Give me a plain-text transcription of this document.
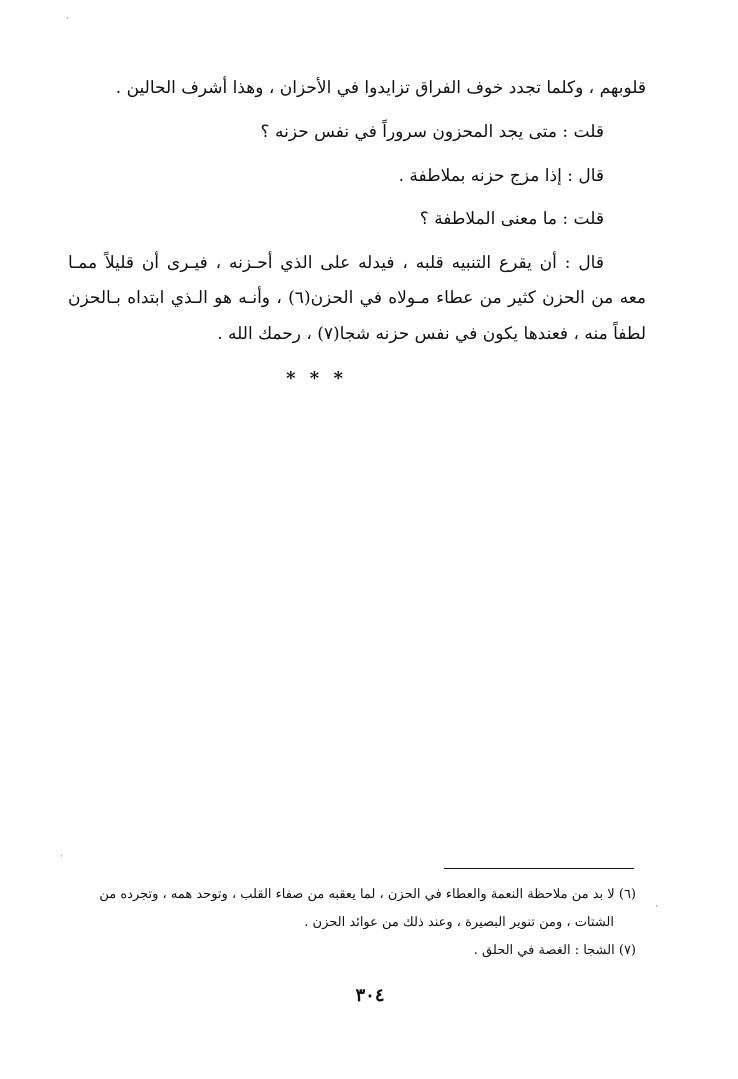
قلوبهم ، وكلما تجدد خوف الفراق تزايدوا في الأحزان ، وهذا أشرف الحالين .
قلت : متى يجد المحزون سروراً في نفس حزنه ؟
قال : إذا مزج حزنه بملاطفة .
قلت : ما معنى الملاطفة ؟
قال : أن يقرع التنبيه قلبه ، فيدله على الذي أحـزنه ، فيـرى أن قليلاً ممـا
معه من الحزن كثير من عطاء مـولاه في الحزن(٦) ، وأنـه هو الـذي ابتداه بـالحزن
لطفاً منه ، فعندها يكون في نفس حزنه شجا(٧) ، رحمك الله .
* * *
(٦) لا بد من ملاحظة النعمة والعطاء في الحزن ، لما يعقبه من صفاء القلب ، وتوحد همه ، وتجرده من
الشتات ، ومن تنوير البصيرة ، وعند ذلك من عوائد الحزن .
(٧) الشجا : الغصة في الحلق .
٣٠٤
·
·
·
